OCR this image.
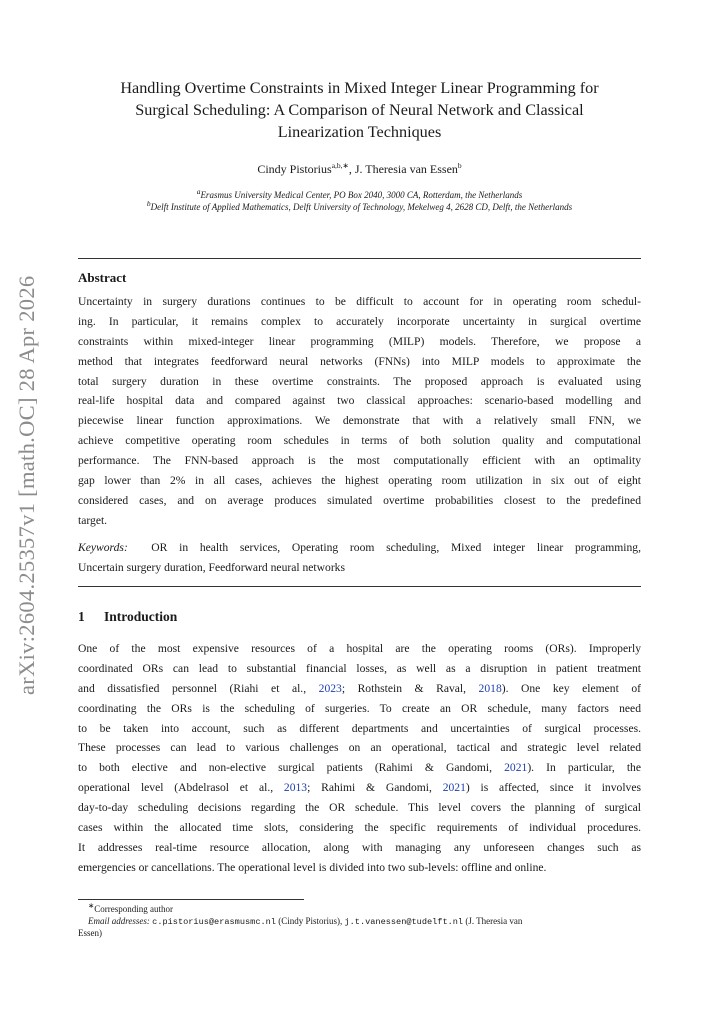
arXiv:2604.25357v1 [math.OC] 28 Apr 2026
Handling Overtime Constraints in Mixed Integer Linear Programming for
Surgical Scheduling: A Comparison of Neural Network and Classical
Linearization Techniques
Cindy Pistorius$^{a,b,∗}$, J. Theresia van Essen$^b$
$^a$Erasmus University Medical Center, PO Box 2040, 3000 CA, Rotterdam, the Netherlands
$^b$Delft Institute of Applied Mathematics, Delft University of Technology, Mekelweg 4, 2628 CD, Delft, the Netherlands
Abstract
Uncertainty in surgery durations continues to be difficult to account for in operating room schedul-
ing. In particular, it remains complex to accurately incorporate uncertainty in surgical overtime
constraints within mixed-integer linear programming (MILP) models. Therefore, we propose a
method that integrates feedforward neural networks (FNNs) into MILP models to approximate the
total surgery duration in these overtime constraints. The proposed approach is evaluated using
real-life hospital data and compared against two classical approaches: scenario-based modelling and
piecewise linear function approximations. We demonstrate that with a relatively small FNN, we
achieve competitive operating room schedules in terms of both solution quality and computational
performance. The FNN-based approach is the most computationally efficient with an optimality
gap lower than 2% in all cases, achieves the highest operating room utilization in six out of eight
considered cases, and on average produces simulated overtime probabilities closest to the predefined
target.
Keywords: OR in health services, Operating room scheduling, Mixed integer linear programming,
Uncertain surgery duration, Feedforward neural networks
1 Introduction
One of the most expensive resources of a hospital are the operating rooms (ORs). Improperly
coordinated ORs can lead to substantial financial losses, as well as a disruption in patient treatment
and dissatisfied personnel (Riahi et al., 2023; Rothstein & Raval, 2018). One key element of
coordinating the ORs is the scheduling of surgeries. To create an OR schedule, many factors need
to be taken into account, such as different departments and uncertainties of surgical processes.
These processes can lead to various challenges on an operational, tactical and strategic level related
to both elective and non-elective surgical patients (Rahimi & Gandomi, 2021). In particular, the
operational level (Abdelrasol et al., 2013; Rahimi & Gandomi, 2021) is affected, since it involves
day-to-day scheduling decisions regarding the OR schedule. This level covers the planning of surgical
cases within the allocated time slots, considering the specific requirements of individual procedures.
It addresses real-time resource allocation, along with managing any unforeseen changes such as
emergencies or cancellations. The operational level is divided into two sub-levels: offline and online.
∗Corresponding author
Email addresses: c.pistorius@erasmusmc.nl (Cindy Pistorius), j.t.vanessen@tudelft.nl (J. Theresia van
Essen)
